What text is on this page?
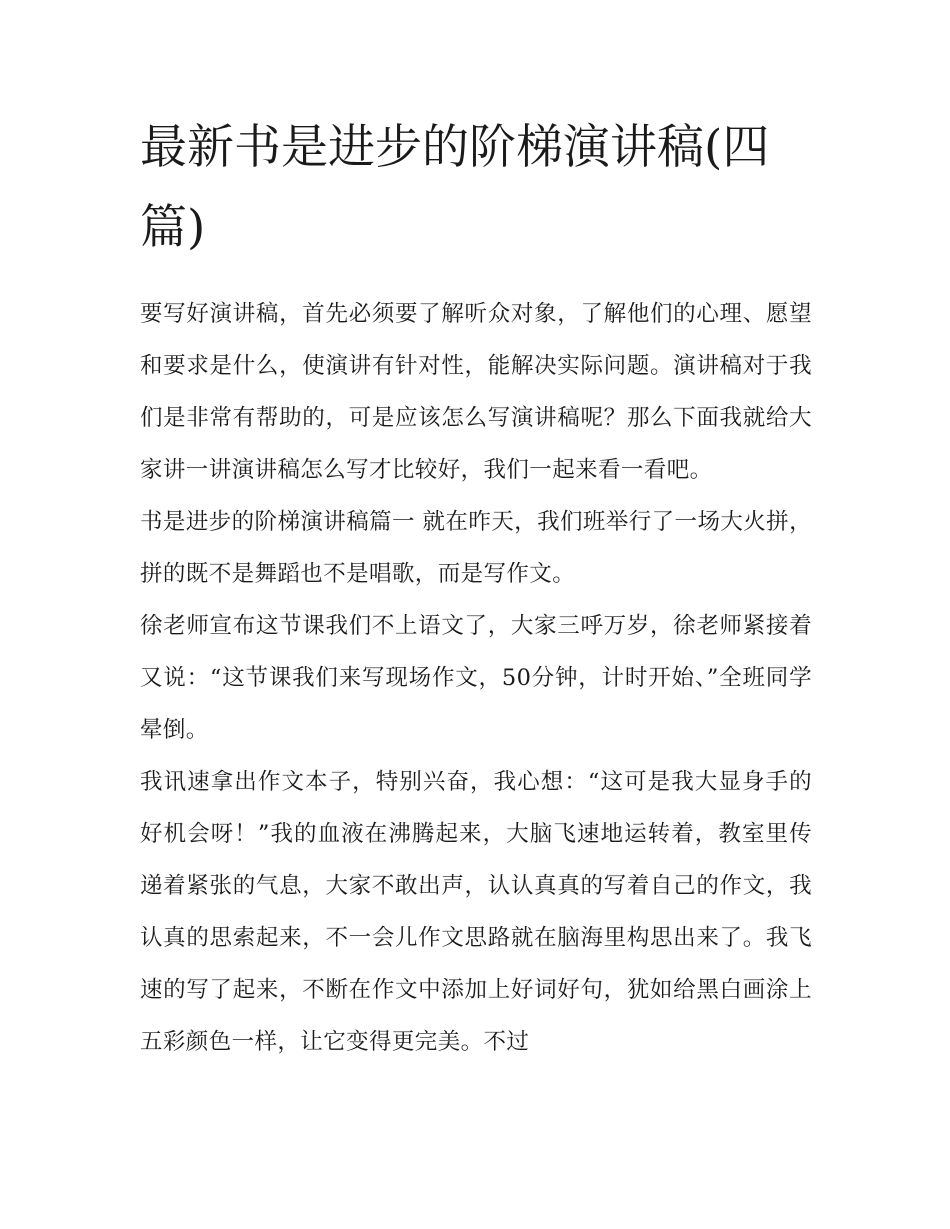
最新书是进步的阶梯演讲稿(四篇)

要写好演讲稿，首先必须要了解听众对象，了解他们的心理、愿望和要求是什么，使演讲有针对性，能解决实际问题。演讲稿对于我们是非常有帮助的，可是应该怎么写演讲稿呢？那么下面我就给大家讲一讲演讲稿怎么写才比较好，我们一起来看一看吧。

书是进步的阶梯演讲稿篇一 就在昨天，我们班举行了一场大火拼，拼的既不是舞蹈也不是唱歌，而是写作文。

徐老师宣布这节课我们不上语文了，大家三呼万岁，徐老师紧接着又说：“这节课我们来写现场作文，50分钟，计时开始、”全班同学晕倒。

我讯速拿出作文本子，特别兴奋，我心想：“这可是我大显身手的好机会呀！”我的血液在沸腾起来，大脑飞速地运转着，教室里传递着紧张的气息，大家不敢出声，认认真真的写着自己的作文，我认真的思索起来，不一会儿作文思路就在脑海里构思出来了。我飞速的写了起来，不断在作文中添加上好词好句，犹如给黑白画涂上五彩颜色一样，让它变得更完美。不过
